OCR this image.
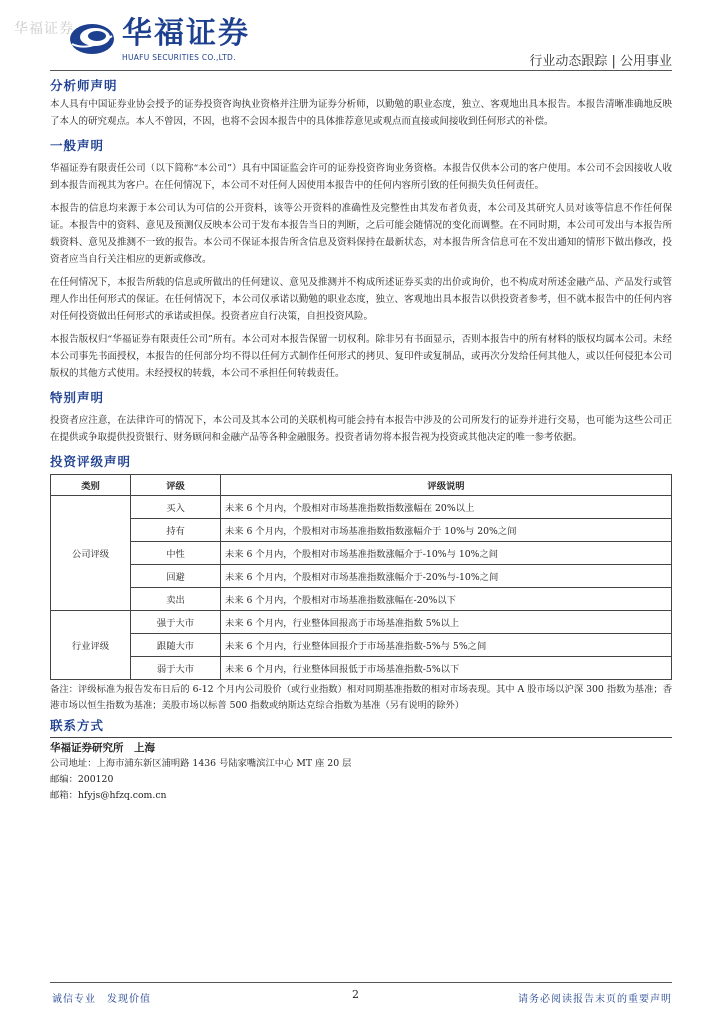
华福证券 华福证券
HUAFU SECURITIES CO.,LTD.	行业动态跟踪 | 公用事业
分析师声明

本人具有中国证券业协会授予的证券投资咨询执业资格并注册为证券分析师，以勤勉的职业态度，独立、客观地出具本报告。本报告清晰准确地反映了本人的研究观点。本人不曾因，不因，也将不会因本报告中的具体推荐意见或观点而直接或间接收到任何形式的补偿。

一般声明

华福证券有限责任公司（以下简称“本公司”）具有中国证监会许可的证券投资咨询业务资格。本报告仅供本公司的客户使用。本公司不会因接收人收到本报告而视其为客户。在任何情况下，本公司不对任何人因使用本报告中的任何内容所引致的任何损失负任何责任。

本报告的信息均来源于本公司认为可信的公开资料，该等公开资料的准确性及完整性由其发布者负责，本公司及其研究人员对该等信息不作任何保证。本报告中的资料、意见及预测仅反映本公司于发布本报告当日的判断，之后可能会随情况的变化而调整。在不同时期，本公司可发出与本报告所载资料、意见及推测不一致的报告。本公司不保证本报告所含信息及资料保持在最新状态，对本报告所含信息可在不发出通知的情形下做出修改，投资者应当自行关注相应的更新或修改。

在任何情况下，本报告所载的信息或所做出的任何建议、意见及推测并不构成所述证券买卖的出价或询价，也不构成对所述金融产品、产品发行或管理人作出任何形式的保证。在任何情况下，本公司仅承诺以勤勉的职业态度，独立、客观地出具本报告以供投资者参考，但不就本报告中的任何内容对任何投资做出任何形式的承诺或担保。投资者应自行决策，自担投资风险。

本报告版权归“华福证券有限责任公司”所有。本公司对本报告保留一切权利。除非另有书面显示，否则本报告中的所有材料的版权均属本公司。未经本公司事先书面授权，本报告的任何部分均不得以任何方式制作任何形式的拷贝、复印件或复制品，或再次分发给任何其他人，或以任何侵犯本公司版权的其他方式使用。未经授权的转载，本公司不承担任何转载责任。

特别声明

投资者应注意，在法律许可的情况下，本公司及其本公司的关联机构可能会持有本报告中涉及的公司所发行的证券并进行交易，也可能为这些公司正在提供或争取提供投资银行、财务顾问和金融产品等各种金融服务。投资者请勿将本报告视为投资或其他决定的唯一参考依据。

投资评级声明
类别	评级	评级说明
公司评级	买入	未来 6 个月内，个股相对市场基准指数指数涨幅在 20%以上
	持有	未来 6 个月内，个股相对市场基准指数指数涨幅介于 10%与 20%之间
	中性	未来 6 个月内，个股相对市场基准指数涨幅介于-10%与 10%之间
	回避	未来 6 个月内，个股相对市场基准指数涨幅介于-20%与-10%之间
	卖出	未来 6 个月内，个股相对市场基准指数涨幅在-20%以下
行业评级	强于大市	未来 6 个月内，行业整体回报高于市场基准指数 5%以上
	跟随大市	未来 6 个月内，行业整体回报介于市场基准指数-5%与 5%之间
	弱于大市	未来 6 个月内，行业整体回报低于市场基准指数-5%以下
备注：评级标准为报告发布日后的 6-12 个月内公司股价（或行业指数）相对同期基准指数的相对市场表现。其中 A 股市场以沪深 300 指数为基准；香港市场以恒生指数为基准；美股市场以标普 500 指数或纳斯达克综合指数为基准（另有说明的除外）
联系方式
华福证券研究所　上海

公司地址：上海市浦东新区浦明路 1436 号陆家嘴滨江中心 MT 座 20 层

邮编：200120

邮箱：hfyjs@hfzq.com.cn

诚信专业　发现价值	2	请务必阅读报告末页的重要声明
